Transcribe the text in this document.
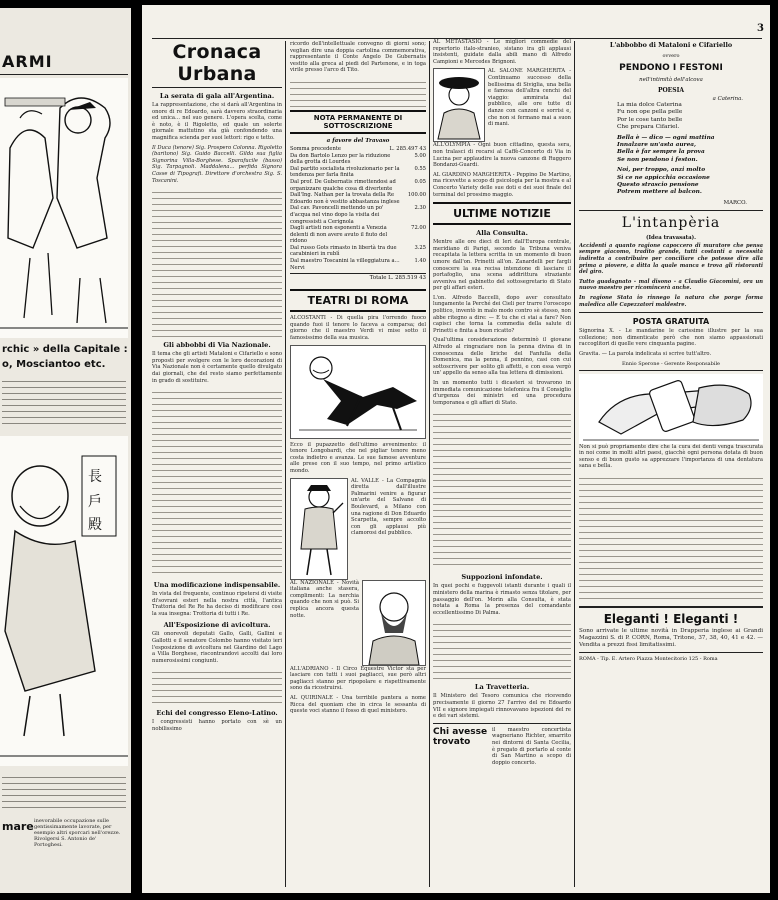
ARMI
rchic » della Capitale :
o, Mosciantoo etc.
長
戶
殿
mare inevorabile occupazione sulle gentissimamente lavorate, per esempio altri sporcari nell'orezze. Rivolgersi S. Antonio de' Portoghesi.
3
Cronaca Urbana
La serata di gala all'Argentina.

La rappresentazione, che si darà all'Argentina in onore di re Edoardo, sarà davvero straordinaria ed unica... nel suo genere. L'opera scelta, come è noto, è il Rigoletto, ed quale un solerte giornale mattutino sta già confondendo una magnifica scienda per suoi lettori: rigo e tetto.

Il Duca (tenore) Sig. Prospero Colonna. Rigoletto (baritono) Sig. Guido Baccelli. Gilda sua figlia Signorina Villa-Borghese. Sparafucile (basso) Sig. Tarpagnoli. Maddalena... perfida Signora Casse di Tipografi. Direttore d'orchestra Sig. S. Toscanini.

Gli abbobbi di Via Nazionale.

Il tema che gli artisti Mataloni e Cifariello e sono proposti per svolgere con le loro decorazioni di Via Nazionale non è certamente quello divulgato dai giornali, che del resto siamo perfettamente in grado di sostituire.

Una modificazione indispensabile.

In vista del frequente, continuo ripetersi di visite di'sovrani esteri nella nostra città, l'antica Trattoria del Re Re ha deciso di modificare così la sua insegna: Trottoria di tutti i Re.

All'Esposizione di avicoltura.

Gli onorevoli deputati Gallo, Galli, Gallini e Gallotti e il senatore Colombo hanno visitato ieri l'esposizione di avicoltura nel Giardino del Lago a Villa Borghese, riscontrandovi accolti dai loro numerosissimi congiunti.

Echi del congresso Eleno-Latino.

I congressisti hanno portato con sè un nobilissimo

ricordo dell'intellettuale convegno di giorni sono; veglian dire una doppia cartolina commemorativa, rappresentante il Conte Angelo De Gubernatis vestito alla greca al piedi del Partenone, e in toga virile presso l'arco di Tito.

NOTA PERMANENTE DI SOTTOSCRIZIONE
a favore del Travaso
Somma precedente	L. 285.497 43
Da don Bartolo Lenzo per la riduzione della grotta di Lourdes
5.00
Dal partito socialista rivoluzionario per la tendenza per farla finita
0.55
Dal prof. De Gubernatis rimettendosi ad organizzare qualche cosa di divertente
0.05
Dall'Ing. Nathan per la trovata della Re Edoardo non è vestito abbastanza inglese
100.00
Dal cav. Pavoncelli mettendo un po' d'acqua nel vino dopo la visita dei congressisti a Cerignola
2.30
Dagli artisti non esponenti a Venezia delenti di non avere avuto il fiuto del ridono
72.00
Dal russo Gots rimasto in libertà tra due carabinieri in rublì
3.25
Dal maestro Toscanini la villeggiatura a... Nervi
1.40
Totale L. 285.519 43
TEATRI DI ROMA

ALCOSTANTI - Di quella pira l'orrendo fuoco quando fuoi il tenore lo faceva a comparsa; del giorno che il maestro Verdi vi mise sotto il famosissimo della sua musica.

Ecco il pupazzetto dell'ultimo avvenimento: il tenore Longobardi, che nel pigliar tenore meno costa indietro e avanza. Le sue famose avventure alle prese con il suo tempo, nel primo artistico mondo.

AL VALLE - La Compagnia diretta dall'illustre Palmarini venire a figurar un'arte del Salvane di Boulevard, a Milano con una ragione di Don Eduardo Scarpetta, sempre accolto con gli applausi più clamorosi del pubblico.

AL NAZIONALE - Novità italiana anche stasera, complimenti: La nerchia quando che non si può. Si replica ancora questa notte.

ALL'ADRIANO - Il Circo Equestre Victor sta per lasciare con tutti i suoi pagliacci, sue però altri pagliacci stanno per ripopolare e rispettivamente sono da ricostruirsi.

AL QUIRINALE - Una terribile pantera a nome Ricca del quoniam che in circa le sessanta di queste voci stanno il fosso di quel ministero.

AL METASTASIO - Le migliori commedie del repertorio italo-stranieo, sistano ira gli applausi insistenti, guidate dalla abili mano di Alfredo Campioni e Mercedes Brignoni.

AL SALONE MARGHERITA - Continuamo successo della bellissima di Siviglia, una bella e famosa dell'altra cenchi del viaggio: ammirata dal pubblico, alle ore tutte di danze con canzoni e sorrisi e, che non si fermano mai a suon di mani.

ALL'OLYMPIA - Ogni buon cittadino, questa sera, non tralasci di recarsi al Caffè-Concerto di Via in Lucina per applaudire la nuova canzone di Ruggero Bondanzi-Guardi.

AL GIARDINO MARGHERITA - Peppino De Martino, ma ricevette a scopo di psicologia per la mostra e al Concerto Variety delle sue doti e dei suoi finale del terminal del prossimo maggio.

ULTIME NOTIZIE
Alla Consulta.

Mentre alle ore dieci di Ieri dall'Europa centrale, meridiano di Parigi, secondo la Tribuna veniva recapitata la lettera scritta in un momento di buon umore dall'on. Prinetti all'on. Zanardelli per fargli conoscere la sua recisa intenzione di lasciare il portafoglio, una scena addirittura straziante avveniva nel gabinetto del sottosegretario di Stato per gli affari esteri.

L'on. Alfredo Baccelli, dopo aver consultato lungamente la Perché dei Cieli per trarre l'oroscopo politico, inventò in malo modo contro sè stesso, non abbe ritegno a dire: — E tu che ci stai a fare? Non capisci che torna la commedia della salute di Prinetti e finita a buon ricatto?

Qual'ultima considerazione determinò il giovane Alfredo al ringraziare non la penna divina di in conoscenza delle liriche del Fanfulla della Domenica, ma la penna, il pennino, casi con cui sottoscrivere per solito gli affetti, e con essa vergò un' appello da senso alla tua lettera di dimissioni.

In un momento tutti i dicasteri si trovarono in immediata comunicazione telefonica fra il Consiglio d'urgenza dei ministri ed una procedura temporanea e gli affari di Stato.

Suppozioni infondate.

In quei pochi e fuggevoli istanti durante i quali il ministero della marina è rimasto senza titolare, per passaggio dell'on. Morin alla Consulta, è stata notata a Roma la presenza del comandante eccellentissimo Di Palma.

La Travetteria.

Il Ministero del Tesoro comunica che ricevendo precisamente il giorno 27 l'arrivo del re Edoardo VII e signore impiegati rinnovavano ispezioni del re e dei vari sistemi.

Chi avesse trovato

il maestro concertista wagneriano Richter, smarrito nei dintorni di Santa Cecilia, è pregato di portarlo al conte di San Martino a scopo di doppio concerto.

L'abbobbo di Mataloni e Cifariello
ovvero
PENDONO I FESTONI
nell'intimità dell'alcova
POESIA
a Caterina.
La mia dolce Caterina
Fu non ope pella pelle
Por le cose tanto belle
Che prepara Cifariel.
Bella è — dico — ogni mattina
Innalzare un'asta aurea,
Bella è far sempre la prova
Se non pendono i feston.
Noi, per troppo, anzi molto
Sì ce ne appicchia occasione
Questo strascio pensione
Potrem mettere al balcon.
MARCO.
L'intanpèria
(Idea travasata).

Accidenti a quanto ragione capoccero di muratore che pensa sempre giacomo, tradito grande, tutti costanti a necessità indiretta a contribuire per conciliare che potesse dire alla prima a piovere, a ditta la quale manca e trova gli ristoranti del giro.

Tutto guadagnato - mal disono - a Claudio Giacomini, ora un nuovo maestro per ricomincerà anche.

In ragione Stata io rinnego la natura che porge forma maledica alle Capezzatori maldestre.

POSTA GRATUITA

Signorina X. - Le mandarine le carissime illustre per la sua collezione; non dimenticate però che non siamo appassionati raccoglitori di quelle vere cinquanta pagine.

Gravita. — La parola indelicata si scrive tutt'altro.

Ennio Sperone - Gerente Responsabile

Non si può propriamente dire che la cura dei denti venga trascurata in noi come in molti altri paesi, giacchè ogni persona dotata di buon senso e di buon gusto sa apprezzare l'importanza di una dentatura sana e bella.

Eleganti ! Eleganti !

Sono arrivate le ultime novità in Drapperia inglese ai Grandi Magazzini S. di P. CORN, Roma, Tritone, 37, 38, 40, 41 e 42. — Vendita a prezzi fissi limitatissimi.

ROMA - Tip. E. Artero Piazza Montecitorio 125 - Roma
